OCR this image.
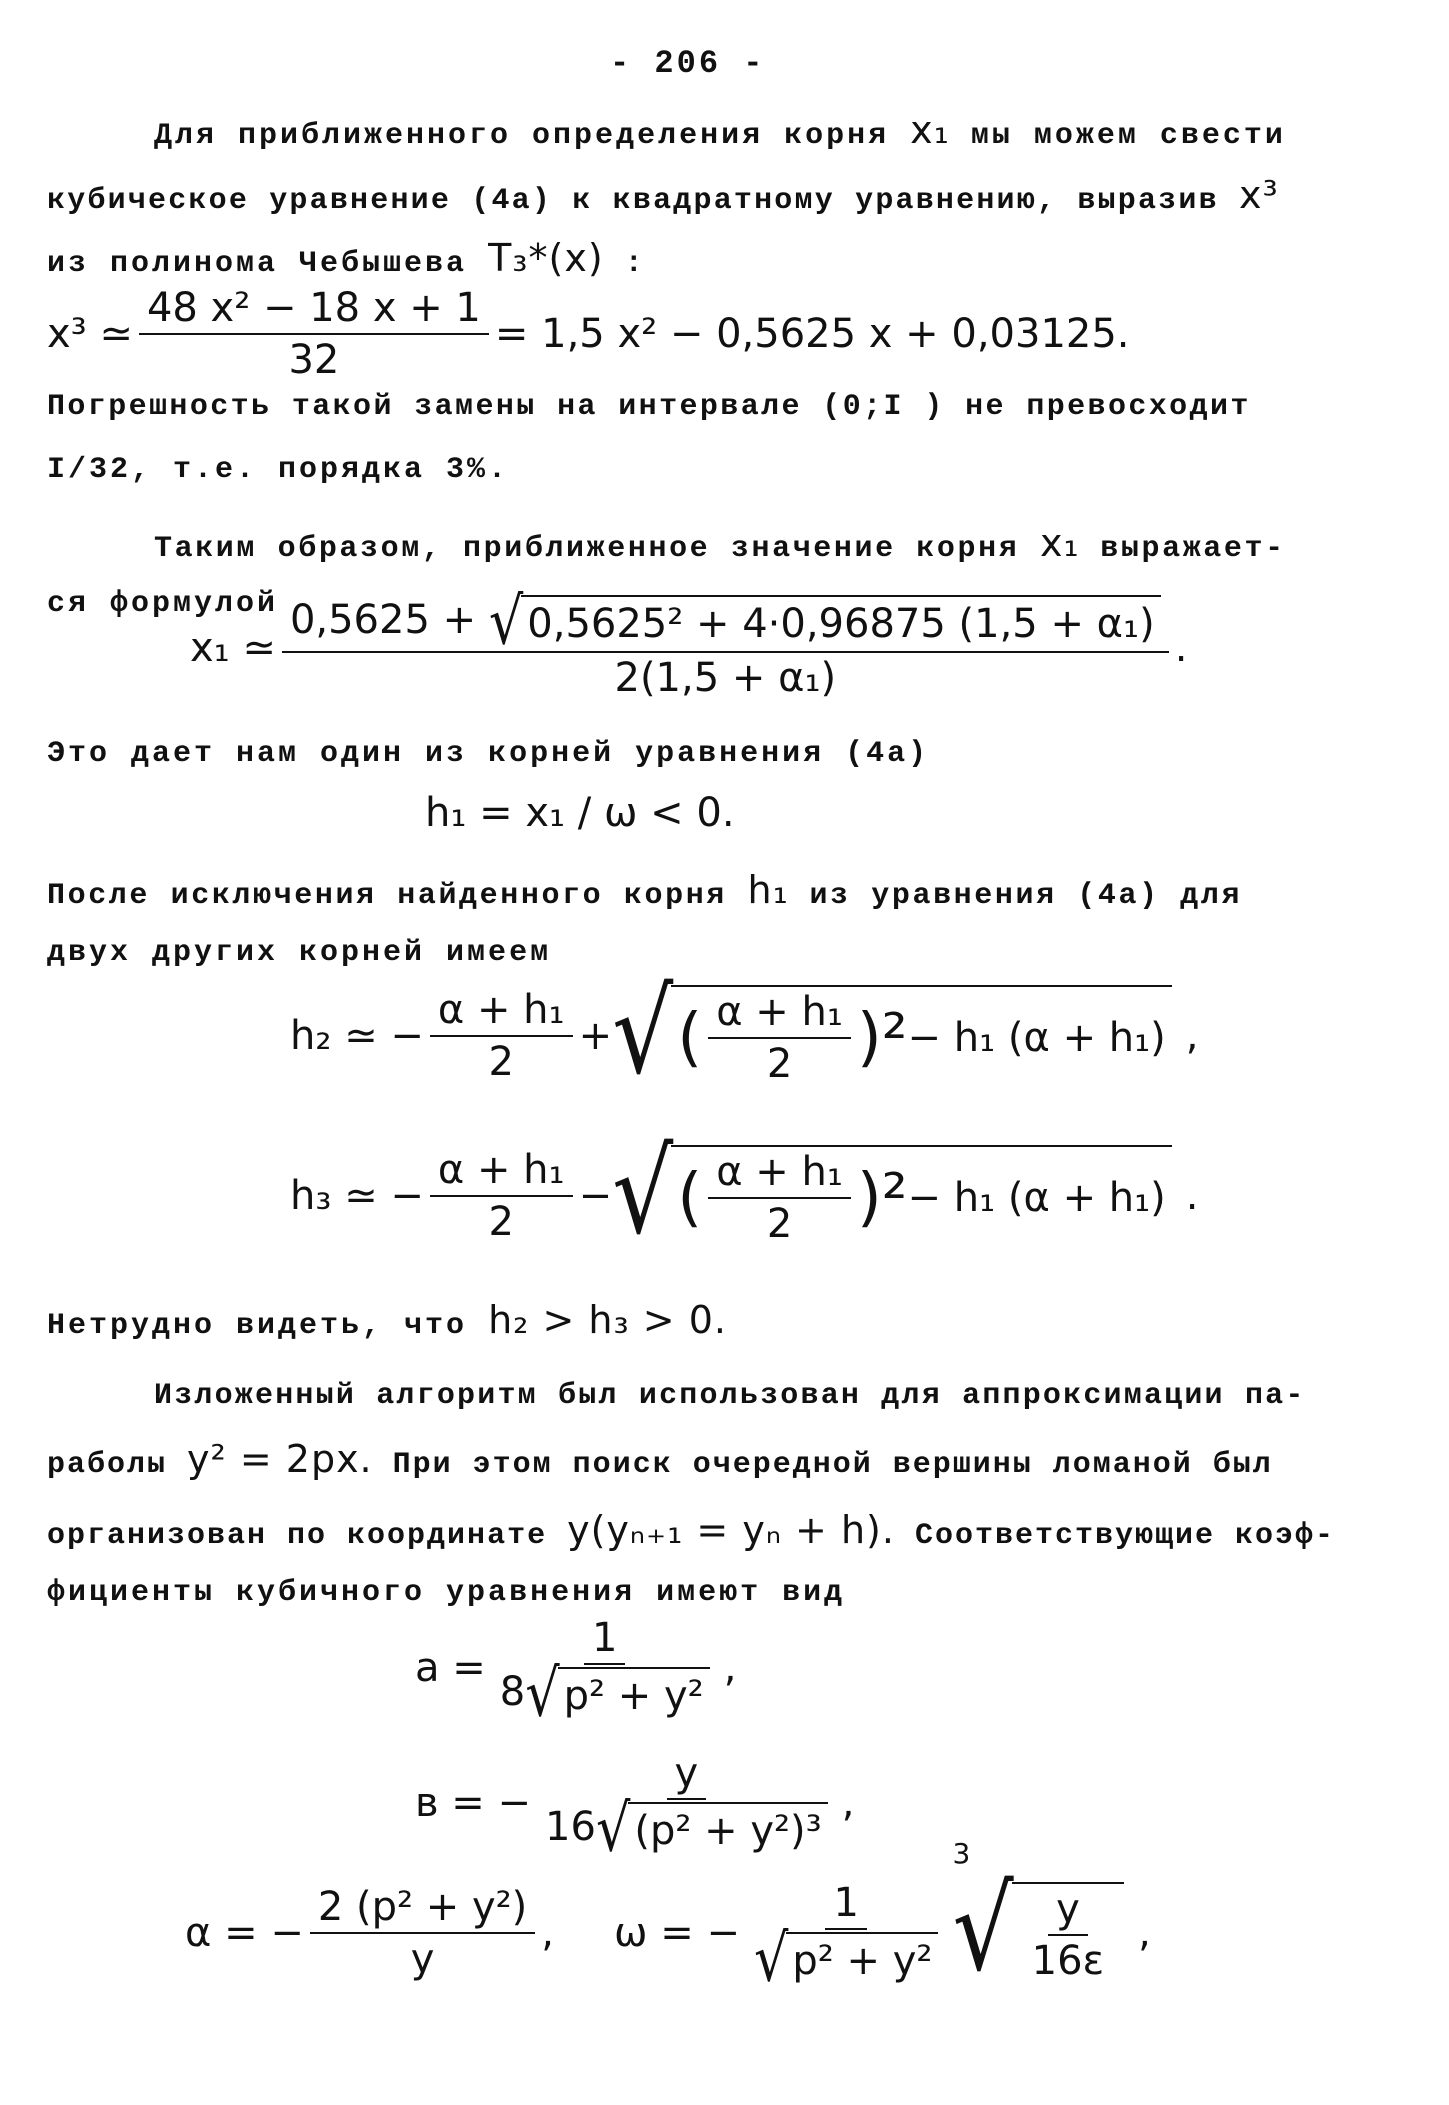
- 206 -
Для приближенного определения корня x₁ мы можем свести
кубическое уравнение (4а) к квадратному уравнению, выразив x³
из полинома Чебышева T₃*(x) :
x³ ≃ $\frac{\text{48 x² − 18 x + 1}}{32} = 1,5$ x² − 0,5625 x + 0,03125.
Погрешность такой замены на интервале (0;I ) не превосходит
I/32, т.е. порядка 3%.
Таким образом, приближенное значение корня x₁ выражает-
ся формулой
x₁ ≃ $\frac{\text{0,5625 + √ 0,5625² + 4·0,96875 (1,5 + α₁)}}{\text{2(1,5 + α₁)}}$ .
Это дает нам один из корней уравнения (4а)
h₁ = x₁ / ω < 0.
После исключения найденного корня h₁ из уравнения (4а) для
двух других корней имеем
h₂ ≃ − $\frac{\text{α + h₁}}{2}$ + √ ( $\frac{\text{α + h₁}}{2} )^2 - h_1$ (α + h₁) ,
h₃ ≃ − $\frac{\text{α + h₁}}{2}$ − √ ( $\frac{\text{α + h₁}}{2} )^2 - h_1$ (α + h₁) .
Нетрудно видеть, что h₂ > h₃ > 0.
Изложенный алгоритм был использован для аппроксимации па-
раболы y² = 2px. При этом поиск очередной вершины ломаной был
организован по координате y(yₙ₊₁ = yₙ + h). Соответствующие коэф-
фициенты кубичного уравнения имеют вид
$a = \frac{1}{\text{8 √ p² + y²}}$ ,
в = − $\frac{y}{\text{16 √ (p² + y²)³}}$ ,
α = − $\frac{\text{2 (p² + y²)}}{y}$ , ω = − $\frac{1}{\text{√ p² + y²}}$
3
√ $\frac{y}{16\varepsilon}$ ,
